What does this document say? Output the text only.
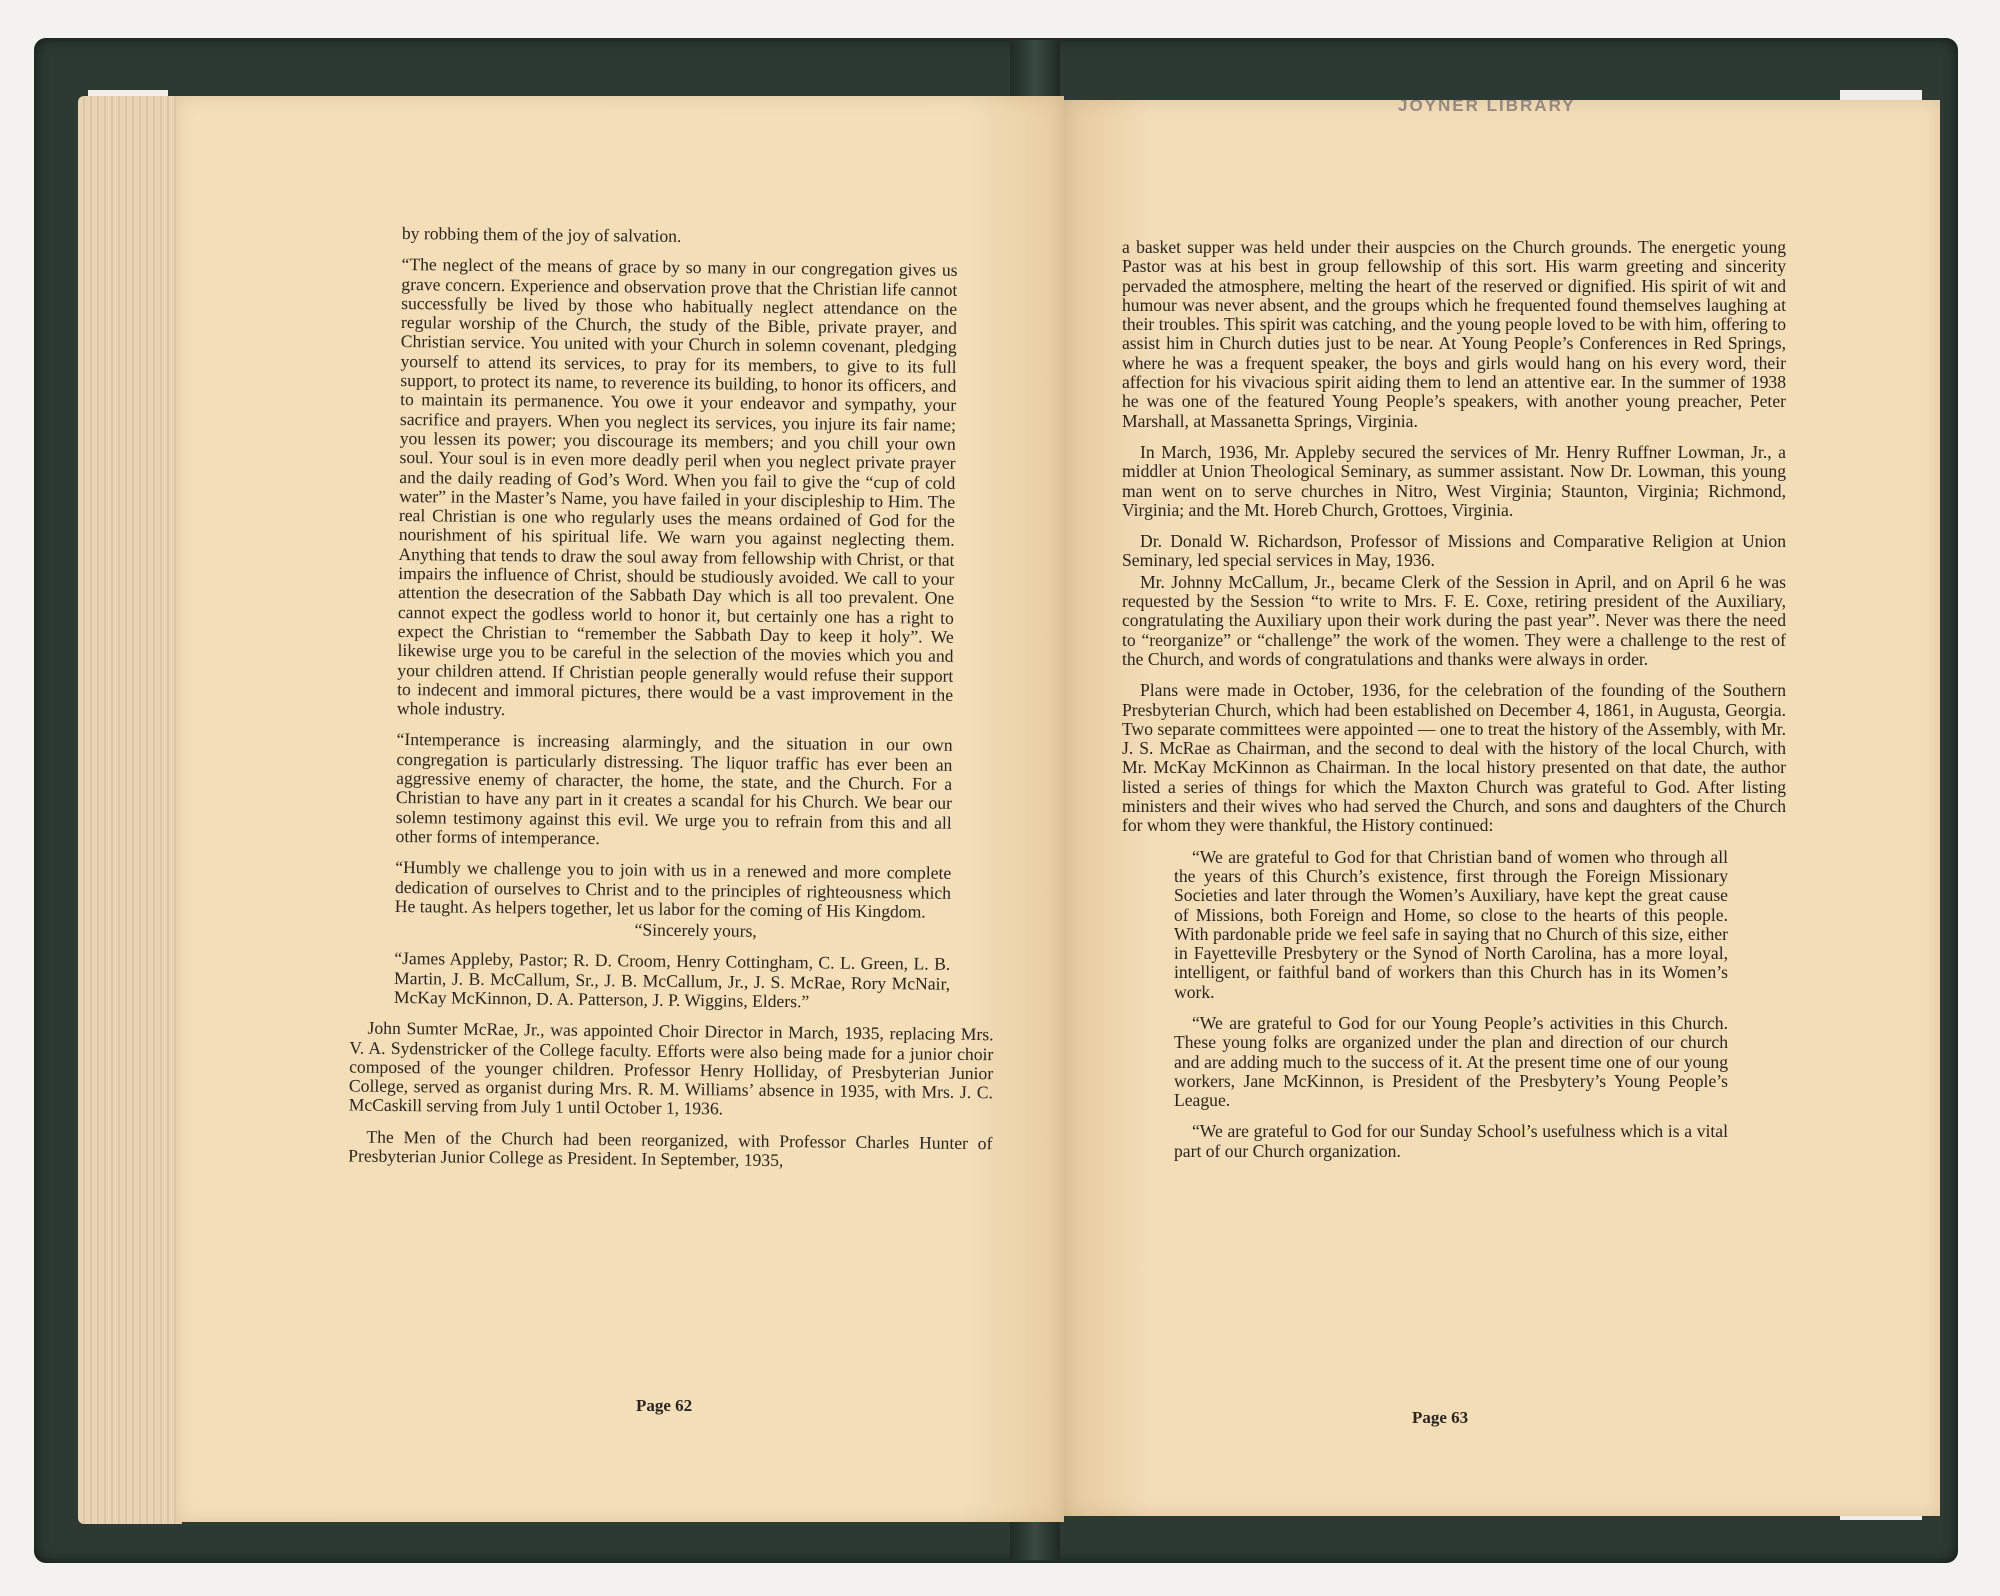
JOYNER LIBRARY

by robbing them of the joy of salvation.

“The neglect of the means of grace by so many in our congregation gives us grave concern. Experience and observation prove that the Christian life cannot successfully be lived by those who habitually neglect attendance on the regular worship of the Church, the study of the Bible, private prayer, and Christian service. You united with your Church in solemn covenant, pledging yourself to attend its services, to pray for its members, to give to its full support, to protect its name, to reverence its building, to honor its officers, and to maintain its permanence. You owe it your endeavor and sympathy, your sacrifice and prayers. When you neglect its services, you injure its fair name; you lessen its power; you discourage its members; and you chill your own soul. Your soul is in even more deadly peril when you neglect private prayer and the daily reading of God’s Word. When you fail to give the “cup of cold water” in the Master’s Name, you have failed in your discipleship to Him. The real Christian is one who regularly uses the means ordained of God for the nourishment of his spiritual life. We warn you against neglecting them. Anything that tends to draw the soul away from fellowship with Christ, or that impairs the influence of Christ, should be studiously avoided. We call to your attention the desecration of the Sabbath Day which is all too prevalent. One cannot expect the godless world to honor it, but certainly one has a right to expect the Christian to “remember the Sabbath Day to keep it holy”. We likewise urge you to be careful in the selection of the movies which you and your children attend. If Christian people generally would refuse their support to indecent and immoral pictures, there would be a vast improvement in the whole industry.

“Intemperance is increasing alarmingly, and the situation in our own congregation is particularly distressing. The liquor traffic has ever been an aggressive enemy of character, the home, the state, and the Church. For a Christian to have any part in it creates a scandal for his Church. We bear our solemn testimony against this evil. We urge you to refrain from this and all other forms of intemperance.

“Humbly we challenge you to join with us in a renewed and more complete dedication of ourselves to Christ and to the principles of righteousness which He taught. As helpers together, let us labor for the coming of His Kingdom.

“Sincerely yours,

“James Appleby, Pastor; R. D. Croom, Henry Cottingham, C. L. Green, L. B. Martin, J. B. McCallum, Sr., J. B. McCallum, Jr., J. S. McRae, Rory McNair, McKay McKinnon, D. A. Patterson, J. P. Wiggins, Elders.”

John Sumter McRae, Jr., was appointed Choir Director in March, 1935, replacing Mrs. V. A. Sydenstricker of the College faculty. Efforts were also being made for a junior choir composed of the younger children. Professor Henry Holliday, of Presbyterian Junior College, served as organist during Mrs. R. M. Williams’ absence in 1935, with Mrs. J. C. McCaskill serving from July 1 until October 1, 1936.

The Men of the Church had been reorganized, with Professor Charles Hunter of Presbyterian Junior College as President. In September, 1935,

Page 62

a basket supper was held under their auspcies on the Church grounds. The energetic young Pastor was at his best in group fellowship of this sort. His warm greeting and sincerity pervaded the atmosphere, melting the heart of the reserved or dignified. His spirit of wit and humour was never absent, and the groups which he frequented found themselves laughing at their troubles. This spirit was catching, and the young people loved to be with him, offering to assist him in Church duties just to be near. At Young People’s Conferences in Red Springs, where he was a frequent speaker, the boys and girls would hang on his every word, their affection for his vivacious spirit aiding them to lend an attentive ear. In the summer of 1938 he was one of the featured Young People’s speakers, with another young preacher, Peter Marshall, at Massanetta Springs, Virginia.

In March, 1936, Mr. Appleby secured the services of Mr. Henry Ruffner Lowman, Jr., a middler at Union Theological Seminary, as summer assistant. Now Dr. Lowman, this young man went on to serve churches in Nitro, West Virginia; Staunton, Virginia; Richmond, Virginia; and the Mt. Horeb Church, Grottoes, Virginia.

Dr. Donald W. Richardson, Professor of Missions and Comparative Religion at Union Seminary, led special services in May, 1936.

Mr. Johnny McCallum, Jr., became Clerk of the Session in April, and on April 6 he was requested by the Session “to write to Mrs. F. E. Coxe, retiring president of the Auxiliary, congratulating the Auxiliary upon their work during the past year”. Never was there the need to “reorganize” or “challenge” the work of the women. They were a challenge to the rest of the Church, and words of congratulations and thanks were always in order.

Plans were made in October, 1936, for the celebration of the founding of the Southern Presbyterian Church, which had been established on December 4, 1861, in Augusta, Georgia. Two separate committees were appointed — one to treat the history of the Assembly, with Mr. J. S. McRae as Chairman, and the second to deal with the history of the local Church, with Mr. McKay McKinnon as Chairman. In the local history presented on that date, the author listed a series of things for which the Maxton Church was grateful to God. After listing ministers and their wives who had served the Church, and sons and daughters of the Church for whom they were thankful, the History continued:

“We are grateful to God for that Christian band of women who through all the years of this Church’s existence, first through the Foreign Missionary Societies and later through the Women’s Auxiliary, have kept the great cause of Missions, both Foreign and Home, so close to the hearts of this people. With pardonable pride we feel safe in saying that no Church of this size, either in Fayetteville Presbytery or the Synod of North Carolina, has a more loyal, intelligent, or faithful band of workers than this Church has in its Women’s work.

“We are grateful to God for our Young People’s activities in this Church. These young folks are organized under the plan and direction of our church and are adding much to the success of it. At the present time one of our young workers, Jane McKinnon, is President of the Presbytery’s Young People’s League.

“We are grateful to God for our Sunday School’s usefulness which is a vital part of our Church organization.

Page 63
